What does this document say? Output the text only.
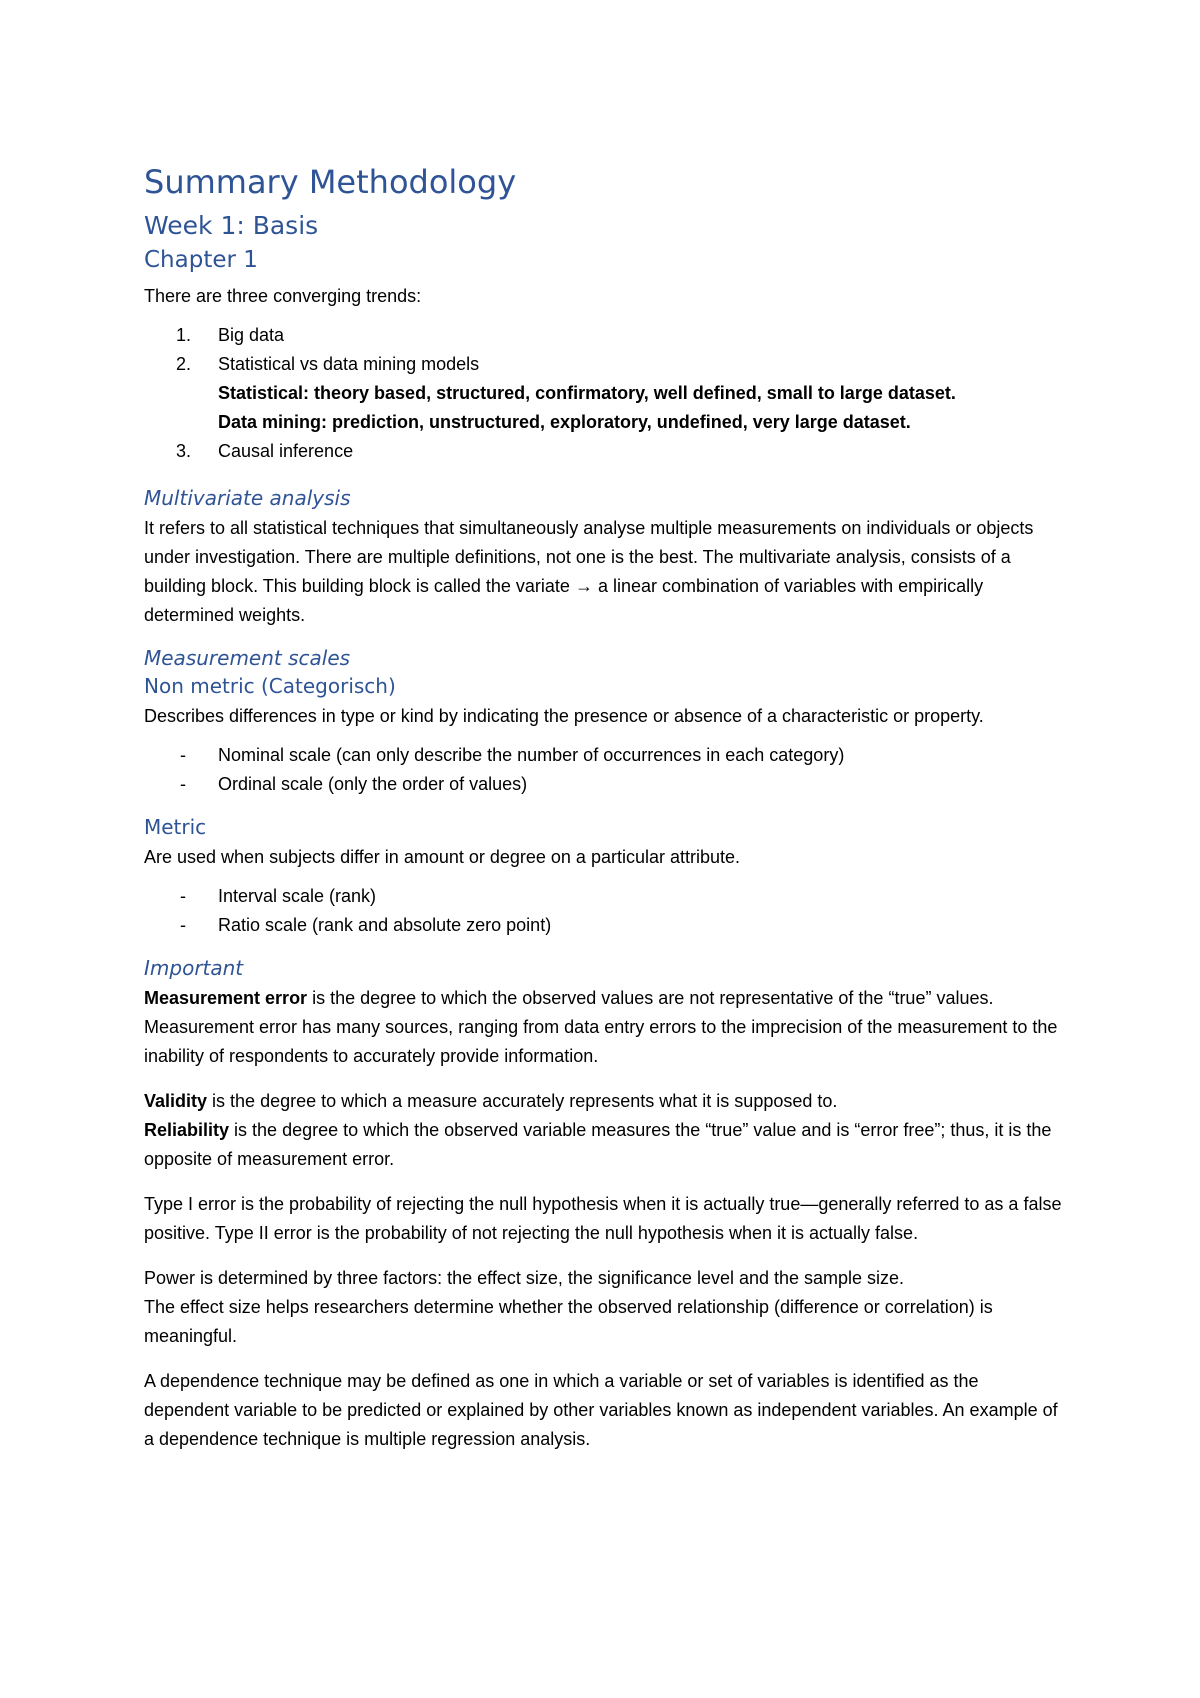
Summary Methodology
Week 1: Basis
Chapter 1

There are three converging trends:

1. Big data
2. Statistical vs data mining models
Statistical: theory based, structured, confirmatory, well defined, small to large dataset.
Data mining: prediction, unstructured, exploratory, undefined, very large dataset.
3. Causal inference
Multivariate analysis

It refers to all statistical techniques that simultaneously analyse multiple measurements on individuals or objects under investigation. There are multiple definitions, not one is the best. The multivariate analysis, consists of a building block. This building block is called the variate → a linear combination of variables with empirically determined weights.

Measurement scales
Non metric (Categorisch)

Describes differences in type or kind by indicating the presence or absence of a characteristic or property.

- Nominal scale (can only describe the number of occurrences in each category)
- Ordinal scale (only the order of values)
Metric

Are used when subjects differ in amount or degree on a particular attribute.

- Interval scale (rank)
- Ratio scale (rank and absolute zero point)
Important

Measurement error is the degree to which the observed values are not representative of the “true” values. Measurement error has many sources, ranging from data entry errors to the imprecision of the measurement to the inability of respondents to accurately provide information.

Validity is the degree to which a measure accurately represents what it is supposed to.
Reliability is the degree to which the observed variable measures the “true” value and is “error free”; thus, it is the opposite of measurement error.

Type I error is the probability of rejecting the null hypothesis when it is actually true—generally referred to as a false positive. Type II error is the probability of not rejecting the null hypothesis when it is actually false.

Power is determined by three factors: the effect size, the significance level and the sample size.
The effect size helps researchers determine whether the observed relationship (difference or correlation) is meaningful.

A dependence technique may be defined as one in which a variable or set of variables is identified as the dependent variable to be predicted or explained by other variables known as independent variables. An example of a dependence technique is multiple regression analysis.
